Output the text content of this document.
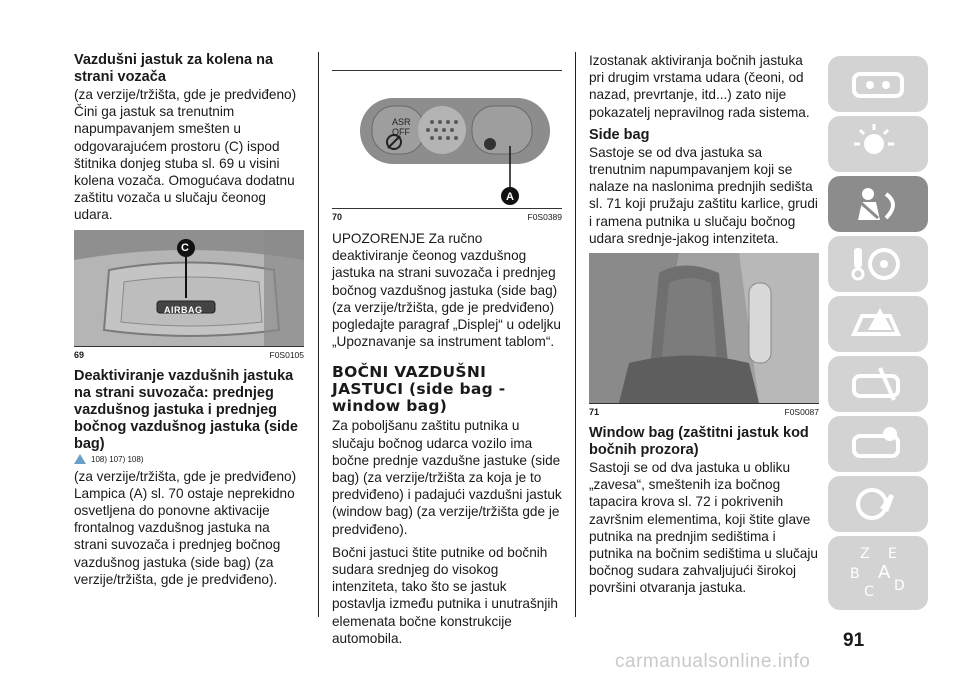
Vazdušni jastuk za kolena na strani vozača

(za verzije/tržišta, gde je predviđeno) Čini ga jastuk sa trenutnim napumpavanjem smešten u odgovarajućem prostoru (C) ispod štitnika donjeg stuba sl. 69 u visini kolena vozača. Omogućava dodatnu zaštitu vozača u slučaju čeonog udara.

C
AIRBAG
69	F0S0105
Deaktiviranje vazdušnih jastuka na strani suvozača: prednjeg vazdušnog jastuka i prednjeg bočnog vazdušnog jastuka (side bag)
108) 107) 108)

(za verzije/tržišta, gde je predviđeno) Lampica (A) sl. 70 ostaje neprekidno osvetljena do ponovne aktivacije frontalnog vazdušnog jastuka na strani suvozača i prednjeg bočnog vazdušnog jastuka (side bag) (za verzije/tržišta, gde je predviđeno).

ASR
OFF
A
70	F0S0389

UPOZORENJE Za ručno deaktiviranje čeonog vazdušnog jastuka na strani suvozača i prednjeg bočnog vazdušnog jastuka (side bag) (za verzije/tržišta, gde je predviđeno) pogledajte paragraf „Displej“ u odeljku „Upoznavanje sa instrument tablom“.

BOČNI VAZDUŠNI JASTUCI (side bag - window bag)

Za poboljšanu zaštitu putnika u slučaju bočnog udarca vozilo ima bočne prednje vazdušne jastuke (side bag) (za verzije/tržišta za koja je to predviđeno) i padajući vazdušni jastuk (window bag) (za verzije/tržišta gde je predviđeno).

Bočni jastuci štite putnike od bočnih sudara srednjeg do visokog intenziteta, tako što se jastuk postavlja između putnika i unutrašnjih elemenata bočne konstrukcije automobila.

Izostanak aktiviranja bočnih jastuka pri drugim vrstama udara (čeoni, od nazad, prevrtanje, itd...) zato nije pokazatelj nepravilnog rada sistema.

Side bag

Sastoje se od dva jastuka sa trenutnim napumpavanjem koji se nalaze na naslonima prednjih sedišta sl. 71 koji pružaju zaštitu karlice, grudi i ramena putnika u slučaju bočnog udara srednje-jakog intenziteta.

71	F0S0087
Window bag (zaštitni jastuk kod bočnih prozora)

Sastoji se od dva jastuka u obliku „zavesa“, smeštenih iza bočnog tapacira krova sl. 72 i pokrivenih završnim elementima, koji štite glave putnika na prednjim sedištima i putnika na bočnim sedištima u slučaju bočnog sudara zahvaljujući širokoj površini otvaranja jastuka.

Z E
B A
C D
91
carmanualsonline.info
